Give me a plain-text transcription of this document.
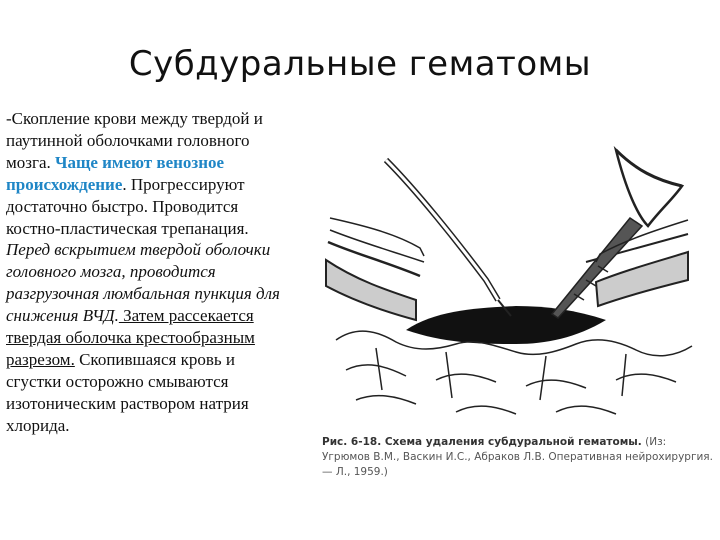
Субдуральные гематомы
-Скопление крови между твердой и паутинной оболочками головного мозга. Чаще имеют венозное происхождение. Прогрессируют достаточно быстро. Проводится костно-пластическая трепанация. Перед вскрытием твердой оболочки головного мозга, проводится разгрузочная люмбальная пункция для снижения ВЧД. Затем рассекается твердая оболочка крестообразным разрезом. Скопившаяся кровь и сгустки осторожно смываются изотоническим раствором натрия хлорида.
Рис. 6-18. Схема удаления субдуральной гематомы. (Из: Угрюмов В.М., Васкин И.С., Абраков Л.В. Оперативная нейрохирургия. — Л., 1959.)
